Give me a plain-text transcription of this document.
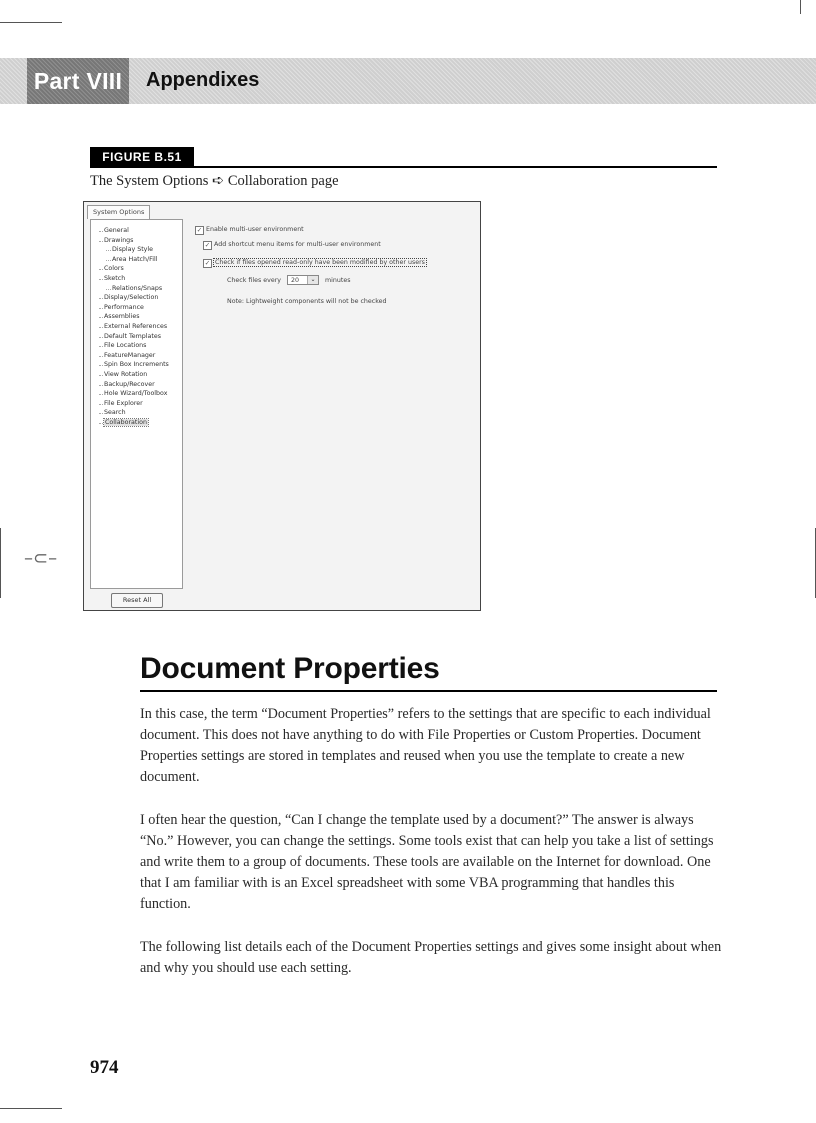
–⊂–
Part VIII	Appendixes
FIGURE B.51
The System Options ➪ Collaboration page
System Options
General
Drawings
Display Style
Area Hatch/Fill
Colors
Sketch
Relations/Snaps
Display/Selection
Performance
Assemblies
External References
Default Templates
File Locations
FeatureManager
Spin Box Increments
View Rotation
Backup/Recover
Hole Wizard/Toolbox
File Explorer
Search
Collaboration
✓ Enable multi-user environment
✓ Add shortcut menu items for multi-user environment
✓ Check if files opened read-only have been modified by other users
Check files every 20	⌄	minutes
Note: Lightweight components will not be checked
Reset All
Document Properties

In this case, the term “Document Properties” refers to the settings that are specific to each individual document. This does not have anything to do with File Properties or Custom Properties. Document Properties settings are stored in templates and reused when you use the template to create a new document.

I often hear the question, “Can I change the template used by a document?” The answer is always “No.” However, you can change the settings. Some tools exist that can help you take a list of settings and write them to a group of documents. These tools are available on the Internet for download. One that I am familiar with is an Excel spreadsheet with some VBA programming that handles this function.

The following list details each of the Document Properties settings and gives some insight about when and why you should use each setting.

974
